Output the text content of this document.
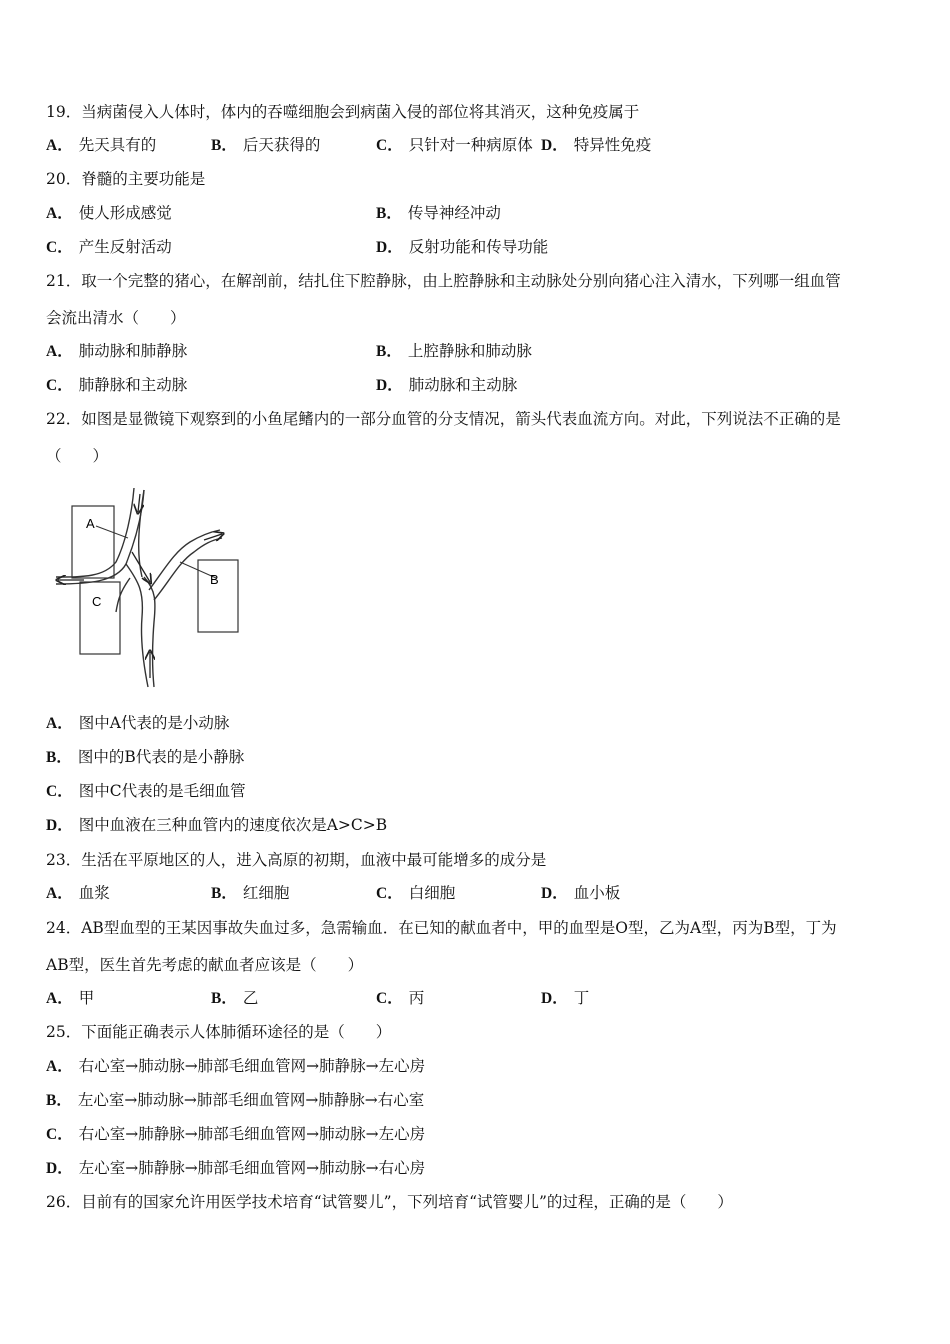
19．当病菌侵入人体时，体内的吞噬细胞会到病菌入侵的部位将其消灭，这种免疫属于
A． 先天具有的	B． 后天获得的	C． 只针对一种病原体 D． 特异性免疫
20．脊髓的主要功能是
A． 使人形成感觉	B． 传导神经冲动
C． 产生反射活动	D． 反射功能和传导功能
21．取一个完整的猪心，在解剖前，结扎住下腔静脉，由上腔静脉和主动脉处分别向猪心注入清水，下列哪一组血管
会流出清水（　　）
A． 肺动脉和肺静脉	B． 上腔静脉和肺动脉
C． 肺静脉和主动脉	D． 肺动脉和主动脉
22．如图是显微镜下观察到的小鱼尾鳍内的一部分血管的分支情况，箭头代表血流方向。对此，下列说法不正确的是
（　　）
A
C
B
A． 图中A代表的是小动脉
B． 图中的B代表的是小静脉
C． 图中C代表的是毛细血管
D． 图中血液在三种血管内的速度依次是A>C>B
23．生活在平原地区的人，进入高原的初期，血液中最可能增多的成分是
A． 血浆	B． 红细胞	C． 白细胞	D． 血小板
24．AB型血型的王某因事故失血过多，急需输血．在已知的献血者中，甲的血型是O型，乙为A型，丙为B型，丁为
AB型，医生首先考虑的献血者应该是（　　）
A． 甲	B． 乙	C． 丙	D． 丁
25．下面能正确表示人体肺循环途径的是（　　）
A． 右心室→肺动脉→肺部毛细血管网→肺静脉→左心房
B． 左心室→肺动脉→肺部毛细血管网→肺静脉→右心室
C． 右心室→肺静脉→肺部毛细血管网→肺动脉→左心房
D． 左心室→肺静脉→肺部毛细血管网→肺动脉→右心房
26．目前有的国家允许用医学技术培育“试管婴儿”，下列培育“试管婴儿”的过程，正确的是（　　）
